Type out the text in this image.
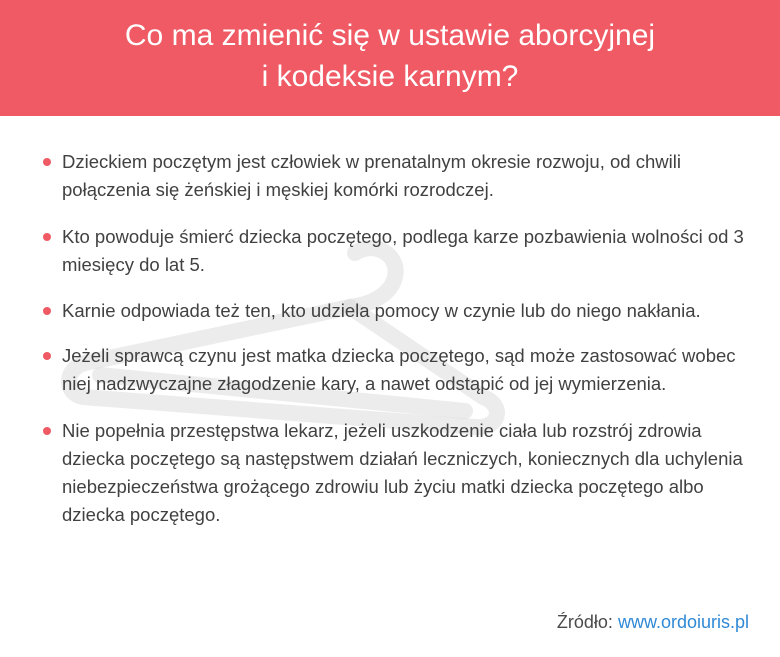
Co ma zmienić się w ustawie aborcyjnej
i kodeksie karnym?
Dzieckiem poczętym jest człowiek w prenatalnym okresie rozwoju, od chwili połączenia się żeńskiej i męskiej komórki rozrodczej.
Kto powoduje śmierć dziecka poczętego, podlega karze pozbawienia wolności od 3 miesięcy do lat 5.
Karnie odpowiada też ten, kto udziela pomocy w czynie lub do niego nakłania.
Jeżeli sprawcą czynu jest matka dziecka poczętego, sąd może zastosować wobec niej nadzwyczajne złagodzenie kary, a nawet odstąpić od jej wymierzenia.
Nie popełnia przestępstwa lekarz, jeżeli uszkodzenie ciała lub rozstrój zdrowia dziecka poczętego są następstwem działań leczniczych, koniecznych dla uchylenia niebezpieczeństwa grożącego zdrowiu lub życiu matki dziecka poczętego albo dziecka poczętego.
Źródło: www.ordoiuris.pl
